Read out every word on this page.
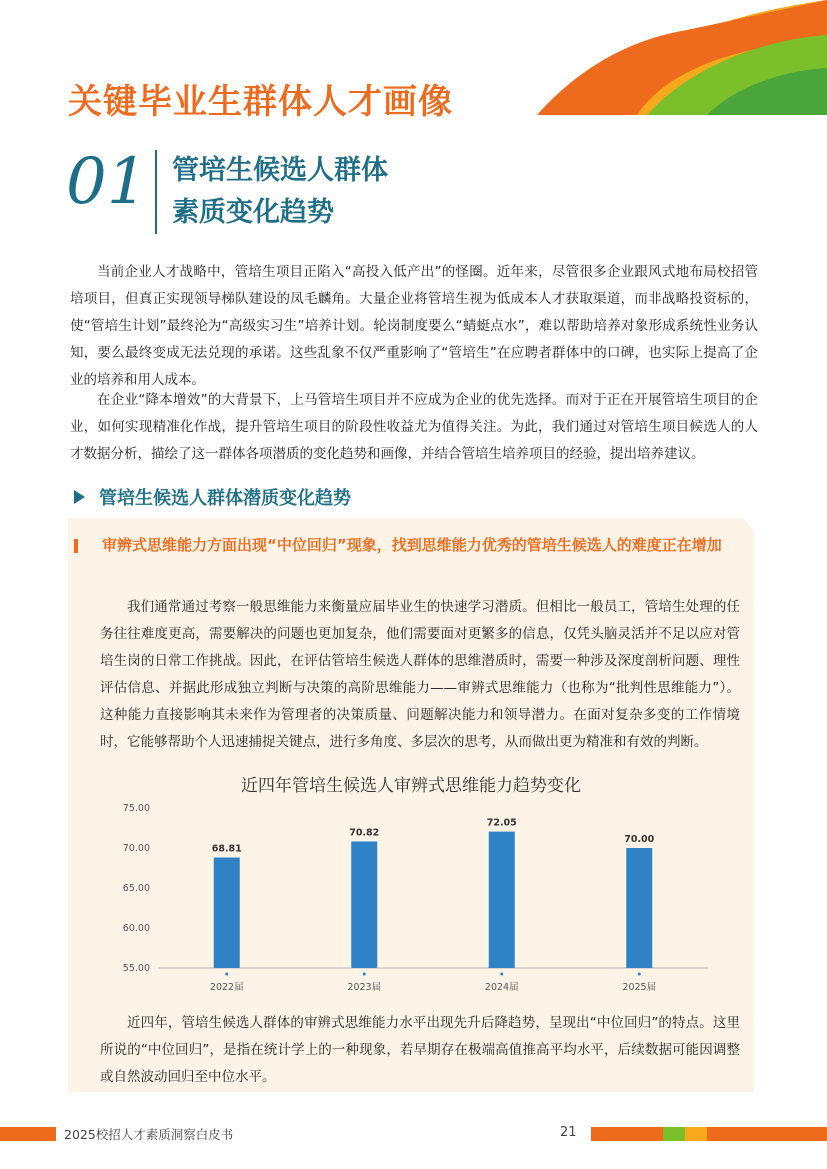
关键毕业生群体人才画像
01 管培生候选人群体
素质变化趋势

当前企业人才战略中，管培生项目正陷入“高投入低产出”的怪圈。近年来，尽管很多企业跟风式地布局校招管培项目，但真正实现领导梯队建设的凤毛麟角。大量企业将管培生视为低成本人才获取渠道，而非战略投资标的，使“管培生计划”最终沦为“高级实习生”培养计划。轮岗制度要么“蜻蜓点水”，难以帮助培养对象形成系统性业务认知，要么最终变成无法兑现的承诺。这些乱象不仅严重影响了“管培生”在应聘者群体中的口碑，也实际上提高了企业的培养和用人成本。

在企业“降本增效”的大背景下，上马管培生项目并不应成为企业的优先选择。而对于正在开展管培生项目的企业，如何实现精准化作战，提升管培生项目的阶段性收益尤为值得关注。为此，我们通过对管培生项目候选人的人才数据分析，描绘了这一群体各项潜质的变化趋势和画像，并结合管培生培养项目的经验，提出培养建议。

管培生候选人群体潜质变化趋势
审辨式思维能力方面出现“中位回归”现象，找到思维能力优秀的管培生候选人的难度正在增加

我们通常通过考察一般思维能力来衡量应届毕业生的快速学习潜质。但相比一般员工，管培生处理的任务往往难度更高，需要解决的问题也更加复杂，他们需要面对更繁多的信息，仅凭头脑灵活并不足以应对管培生岗的日常工作挑战。因此，在评估管培生候选人群体的思维潜质时，需要一种涉及深度剖析问题、理性评估信息、并据此形成独立判断与决策的高阶思维能力——审辨式思维能力（也称为“批判性思维能力”）。这种能力直接影响其未来作为管理者的决策质量、问题解决能力和领导潜力。在面对复杂多变的工作情境时，它能够帮助个人迅速捕捉关键点，进行多角度、多层次的思考，从而做出更为精准和有效的判断。

近四年管培生候选人审辨式思维能力趋势变化
55.00
60.00
65.00
70.00
75.00
68.81
2022届
70.82
2023届
72.05
2024届
70.00
2025届

近四年，管培生候选人群体的审辨式思维能力水平出现先升后降趋势，呈现出“中位回归”的特点。这里所说的“中位回归”，是指在统计学上的一种现象，若早期存在极端高值推高平均水平，后续数据可能因调整或自然波动回归至中位水平。

2025校招人才素质洞察白皮书	21
